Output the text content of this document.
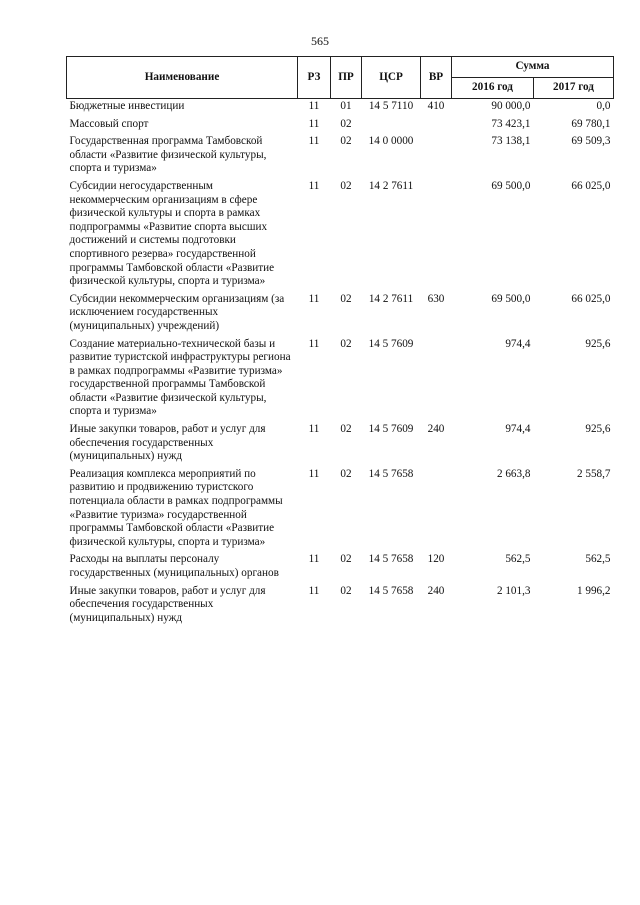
565
Наименование	РЗ	ПР	ЦСР	ВР	Сумма	
					2016 год	2017 год
Бюджетные инвестиции	11	01	14 5 7110	410	90 000,0	0,0
Массовый спорт	11	02			73 423,1	69 780,1
Государственная программа Тамбовской области «Развитие физической культуры, спорта и туризма»	11	02	14 0 0000		73 138,1	69 509,3
Субсидии негосударственным некоммерческим организациям в сфере физической культуры и спорта в рамках подпрограммы «Развитие спорта высших достижений и системы подготовки спортивного резерва» государственной программы Тамбовской области «Развитие физической культуры, спорта и туризма»	11	02	14 2 7611		69 500,0	66 025,0
Субсидии некоммерческим организациям (за исключением государственных (муниципальных) учреждений)	11	02	14 2 7611	630	69 500,0	66 025,0
Создание материально-технической базы и развитие туристской инфраструктуры региона в рамках подпрограммы «Развитие туризма» государственной программы Тамбовской области «Развитие физической культуры, спорта и туризма»	11	02	14 5 7609		974,4	925,6
Иные закупки товаров, работ и услуг для обеспечения государственных (муниципальных) нужд	11	02	14 5 7609	240	974,4	925,6
Реализация комплекса мероприятий по развитию и продвижению туристского потенциала области в рамках подпрограммы «Развитие туризма» государственной программы Тамбовской области «Развитие физической культуры, спорта и туризма»	11	02	14 5 7658		2 663,8	2 558,7
Расходы на выплаты персоналу государственных (муниципальных) органов	11	02	14 5 7658	120	562,5	562,5
Иные закупки товаров, работ и услуг для обеспечения государственных (муниципальных) нужд	11	02	14 5 7658	240	2 101,3	1 996,2
